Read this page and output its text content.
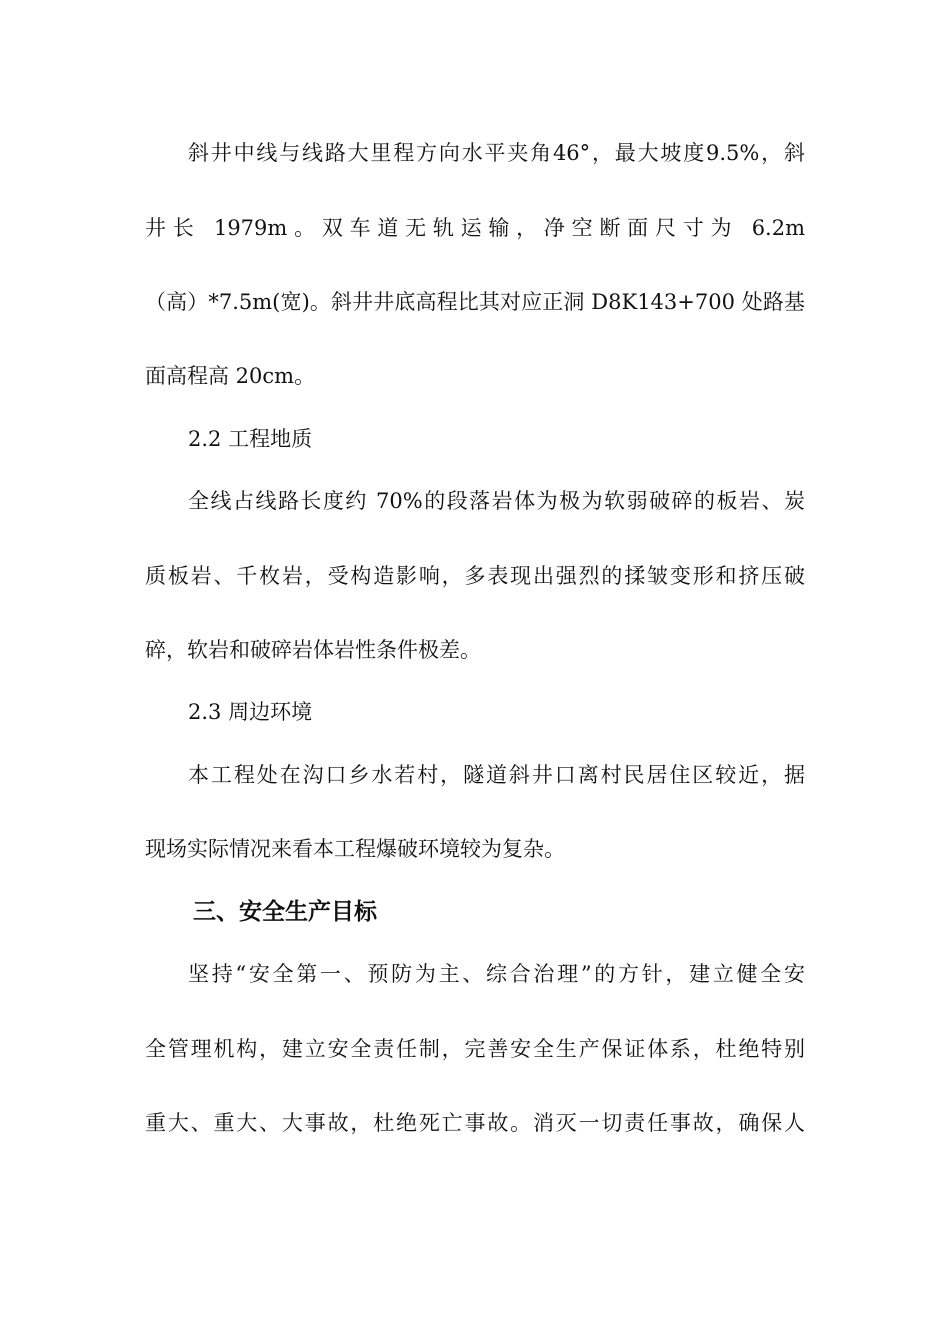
斜井中线与线路大里程方向水平夹角46°，最大坡度9.5%，斜
井长 1979m。双车道无轨运输，净空断面尺寸为 6.2m
（高）*7.5m(宽)。斜井井底高程比其对应正洞 D8K143+700 处路基
面高程高 20cm。
2.2 工程地质
全线占线路长度约 70%的段落岩体为极为软弱破碎的板岩、炭
质板岩、千枚岩，受构造影响，多表现出强烈的揉皱变形和挤压破
碎，软岩和破碎岩体岩性条件极差。
2.3 周边环境
本工程处在沟口乡水若村，隧道斜井口离村民居住区较近，据
现场实际情况来看本工程爆破环境较为复杂。
三、安全生产目标
坚持“安全第一、预防为主、综合治理”的方针，建立健全安
全管理机构，建立安全责任制，完善安全生产保证体系，杜绝特别
重大、重大、大事故，杜绝死亡事故。消灭一切责任事故，确保人
